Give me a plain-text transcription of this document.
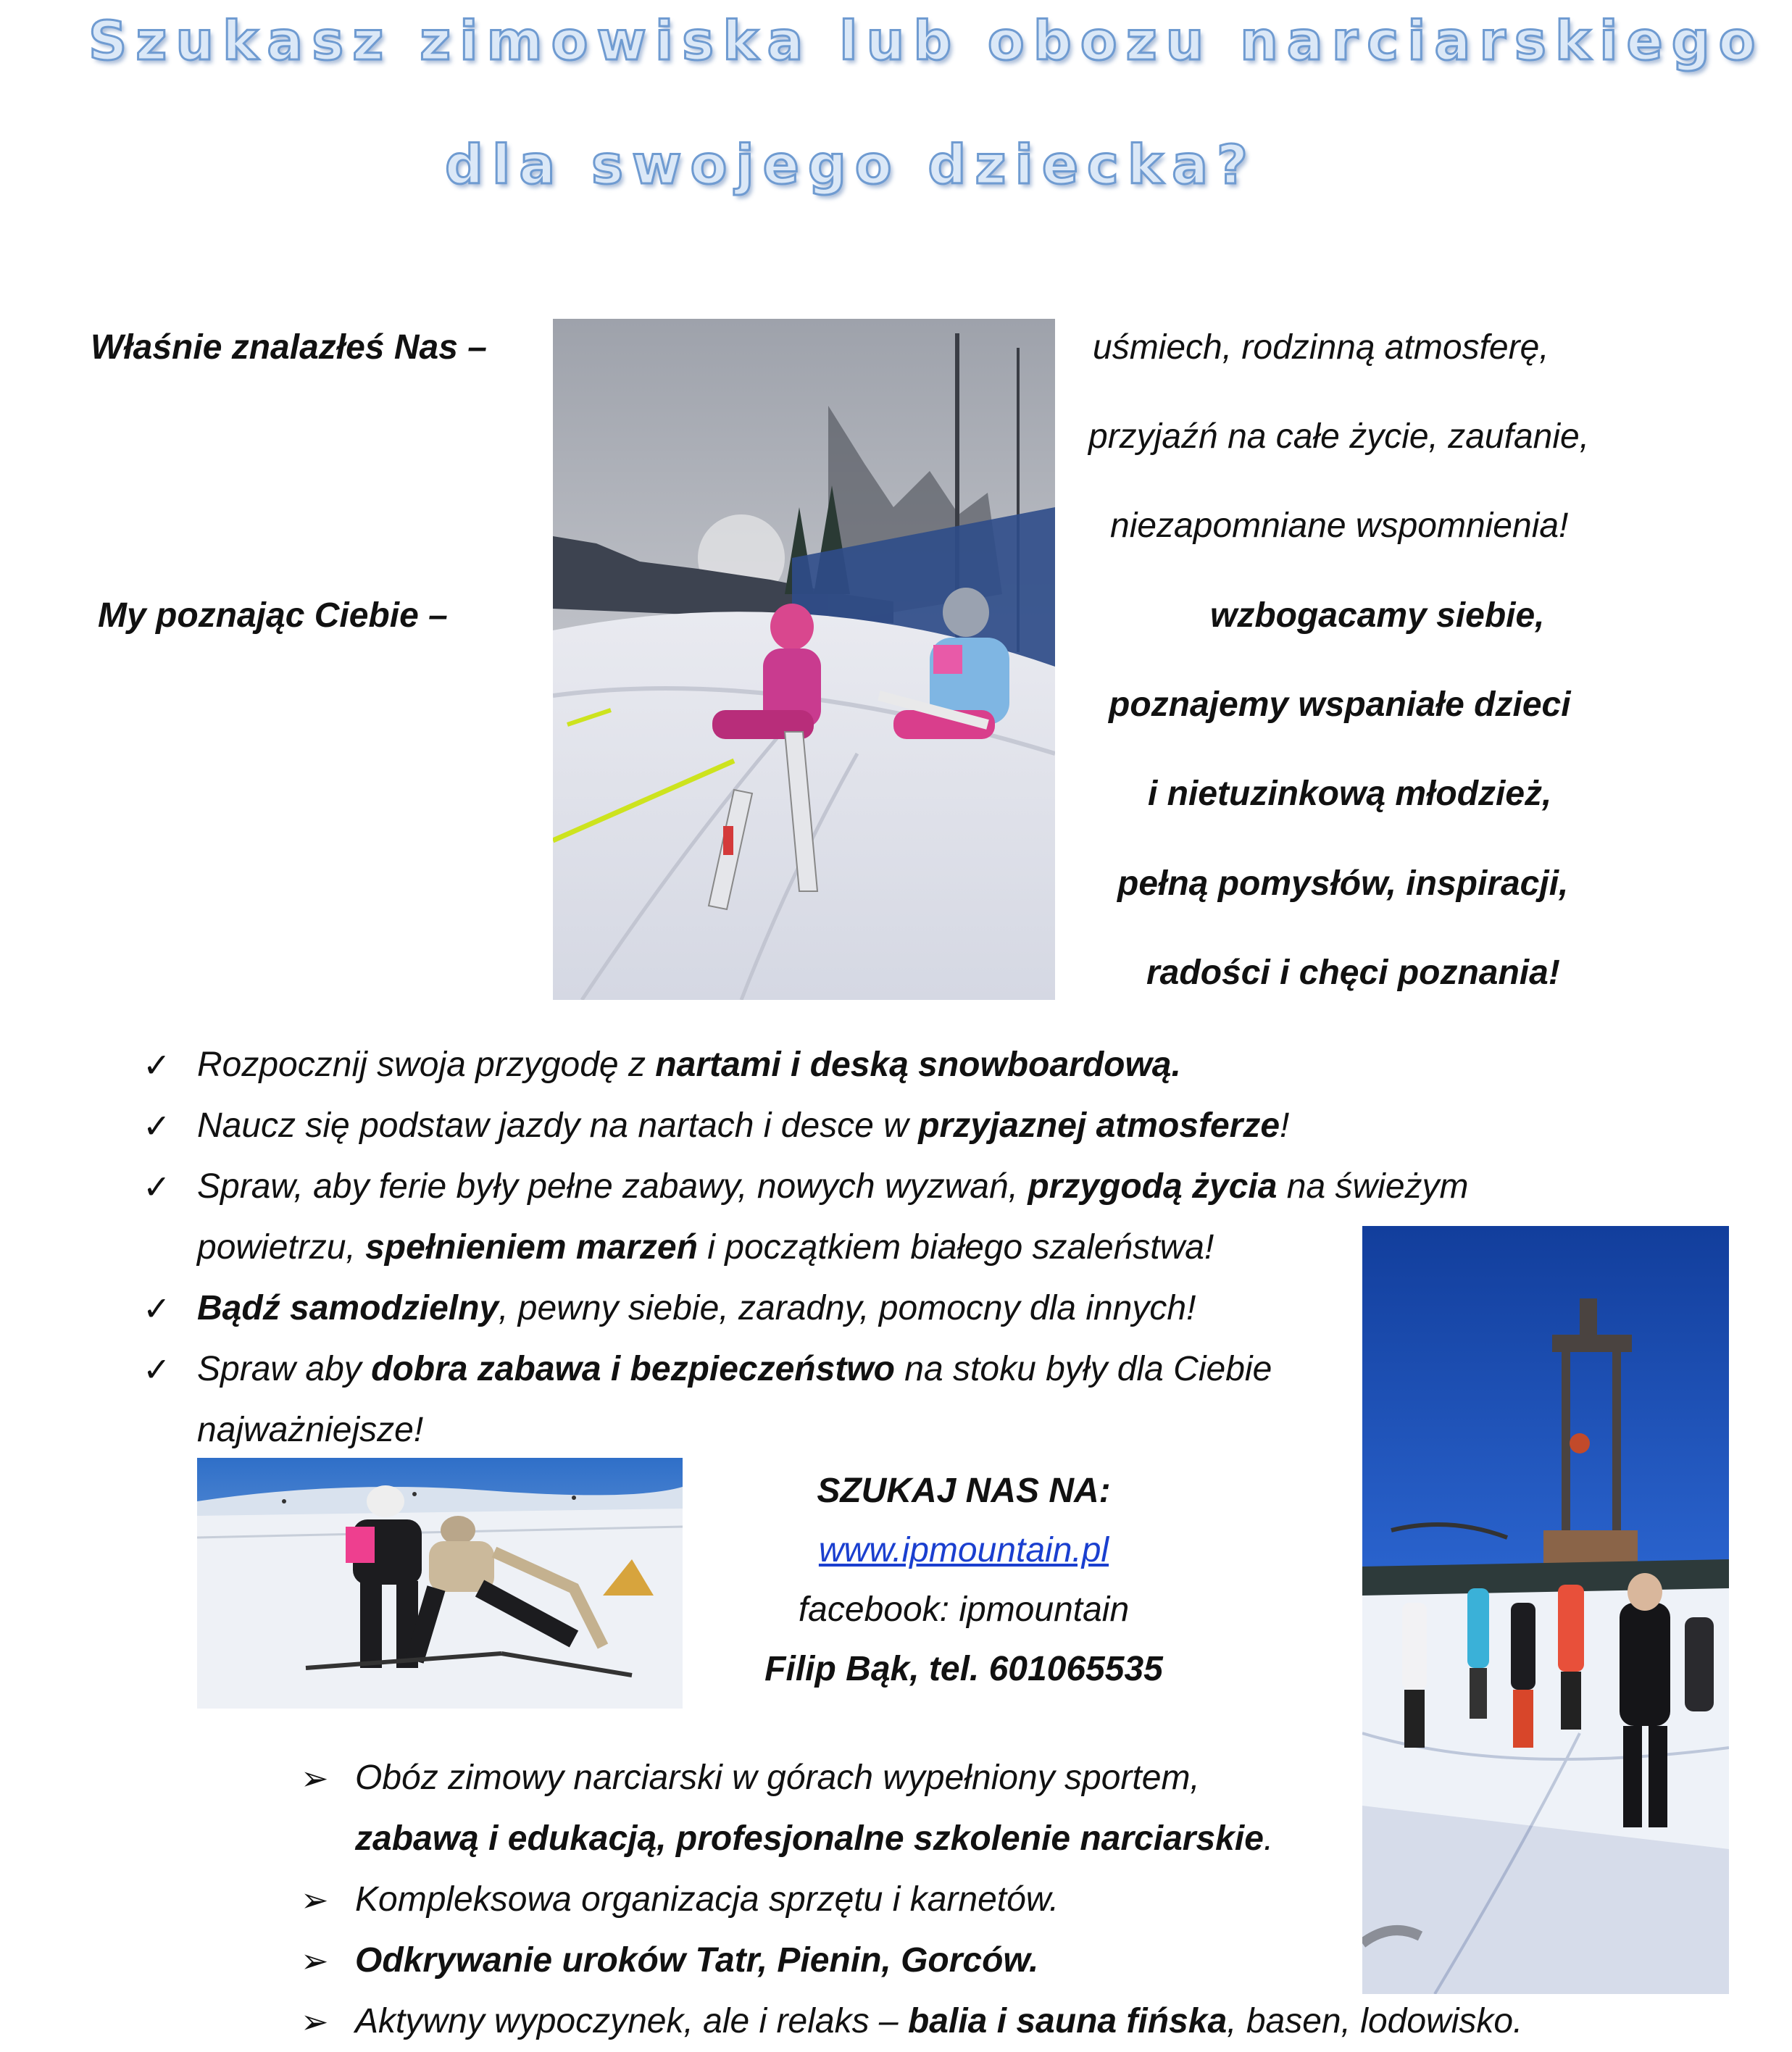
Szukasz zimowiska lub obozu narciarskiego
dla swojego dziecka?
Właśnie znalazłeś Nas –
My poznając Ciebie –
uśmiech, rodzinną atmosferę,
przyjaźń na całe życie, zaufanie,
niezapomniane wspomnienia!
wzbogacamy siebie,
poznajemy wspaniałe dzieci
i nietuzinkową młodzież,
pełną pomysłów, inspiracji,
radości i chęci poznania!
✓ Rozpocznij swoja przygodę z nartami i deską snowboardową.
✓ Naucz się podstaw jazdy na nartach i desce w przyjaznej atmosferze!
✓ Spraw, aby ferie były pełne zabawy, nowych wyzwań, przygodą życia na świeżym
powietrzu, spełnieniem marzeń i początkiem białego szaleństwa!
✓ Bądź samodzielny, pewny siebie, zaradny, pomocny dla innych!
✓ Spraw aby dobra zabawa i bezpieczeństwo na stoku były dla Ciebie
najważniejsze!
SZUKAJ NAS NA:
www.ipmountain.pl
facebook: ipmountain
Filip Bąk, tel. 601065535
➢ Obóz zimowy narciarski w górach wypełniony sportem,
zabawą i edukacją, profesjonalne szkolenie narciarskie.
➢ Kompleksowa organizacja sprzętu i karnetów.
➢ Odkrywanie uroków Tatr, Pienin, Gorców.
➢ Aktywny wypoczynek, ale i relaks – balia i sauna fińska, basen, lodowisko.
